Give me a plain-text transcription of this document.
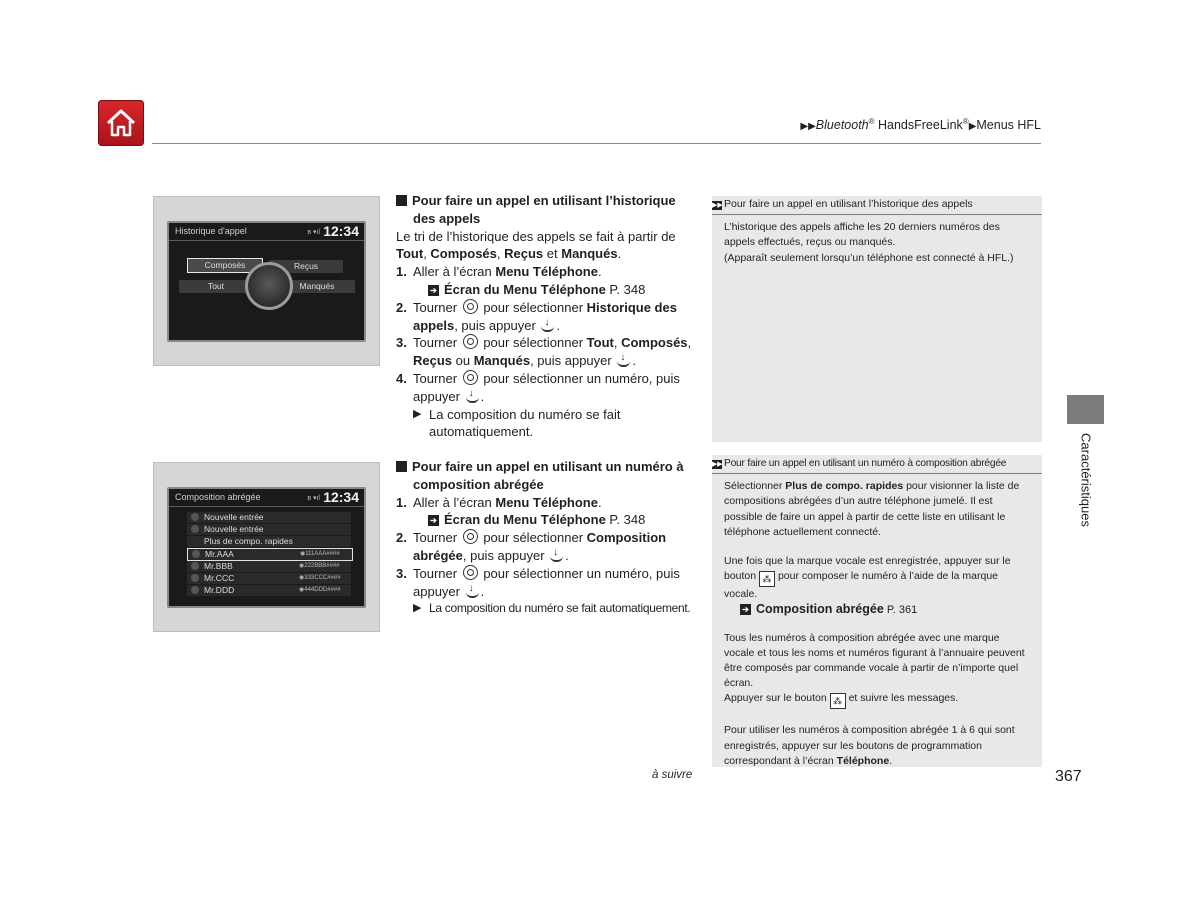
▶▶Bluetooth® HandsFreeLink®▶Menus HFL
Historique d'appel	ʙ ▾ıl 12:34
Composés	Reçus
Tout	Manqués
Composition abrégée	ʙ ▾ıl 12:34
Nouvelle entrée
Nouvelle entrée
Plus de compo. rapides
Mr.AAA	◉ 111AAA####
Mr.BBB	◉ 222BBB####
Mr.CCC	◉ 333CCC####
Mr.DDD	◉ 444DDD####
Pour faire un appel en utilisant l’historique
des appels
Le tri de l’historique des appels se fait à partir de
Tout, Composés, Reçus et Manqués.
1. Aller à l’écran Menu Téléphone.
➔ Écran du Menu Téléphone P. 348
2. Tourner  pour sélectionner Historique des
appels, puis appuyer ↓.
3. Tourner  pour sélectionner Tout, Composés,
Reçus ou Manqués, puis appuyer ↓.
4. Tourner  pour sélectionner un numéro, puis
appuyer ↓.
▶ La composition du numéro se fait
automatiquement.
Pour faire un appel en utilisant un numéro à
composition abrégée
1. Aller à l’écran Menu Téléphone.
➔ Écran du Menu Téléphone P. 348
2. Tourner  pour sélectionner Composition
abrégée, puis appuyer ↓.
3. Tourner  pour sélectionner un numéro, puis
appuyer ↓.
▶ La composition du numéro se fait automatiquement.
▶▶Pour faire un appel en utilisant l’historique des appels
L’historique des appels affiche les 20 derniers numéros des appels effectués, reçus ou manqués.
(Apparaît seulement lorsqu’un téléphone est connecté à HFL.)
▶▶ Pour faire un appel en utilisant un numéro à composition abrégée

Sélectionner Plus de compo. rapides pour visionner la liste de compositions abrégées d’un autre téléphone jumelé. Il est possible de faire un appel à partir de cette liste en utilisant le téléphone actuellement connecté.

Une fois que la marque vocale est enregistrée, appuyer sur le bouton ⁂ pour composer le numéro à l’aide de la marque vocale.

➔ Composition abrégée P. 361

Tous les numéros à composition abrégée avec une marque vocale et tous les noms et numéros figurant à l’annuaire peuvent être composés par commande vocale à partir de n’importe quel écran.

Appuyer sur le bouton ⁂ et suivre les messages.

Pour utiliser les numéros à composition abrégée 1 à 6 qui sont enregistrés, appuyer sur les boutons de programmation correspondant à l’écran Téléphone.

Caractéristiques
à suivre	367
